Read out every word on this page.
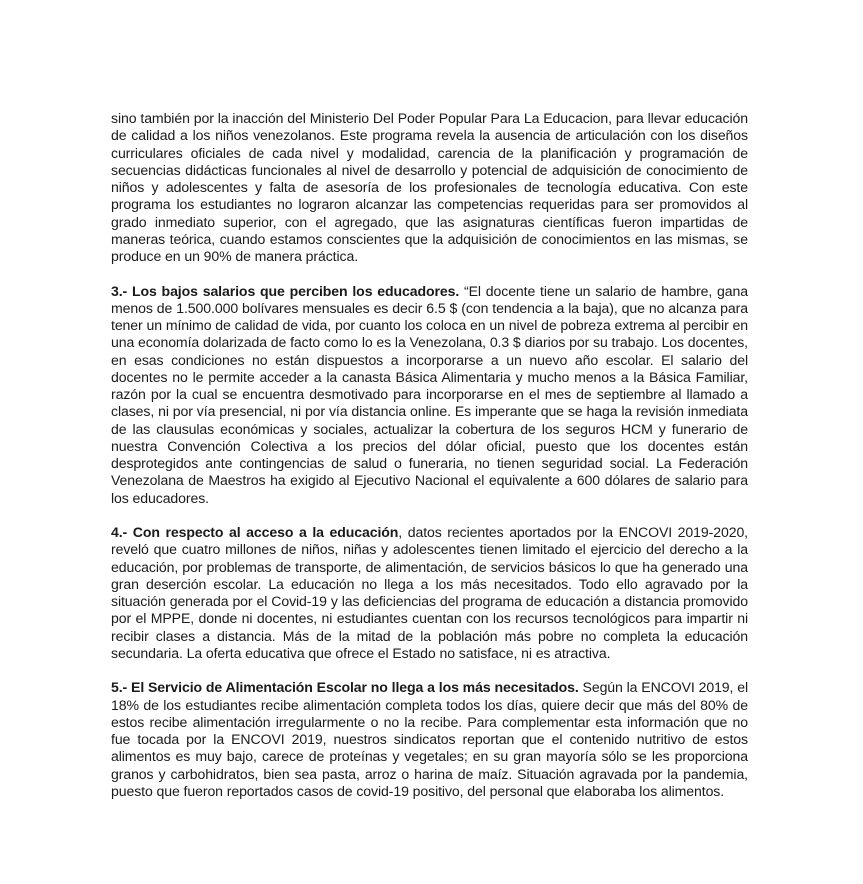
sino también por la inacción del Ministerio Del Poder Popular Para La Educacion, para llevar educación de calidad a los niños venezolanos. Este programa revela la ausencia de articulación con los diseños curriculares oficiales de cada nivel y modalidad, carencia de la planificación y programación de secuencias didácticas funcionales al nivel de desarrollo y potencial de adquisición de conocimiento de niños y adolescentes y falta de asesoría de los profesionales de tecnología educativa. Con este programa los estudiantes no lograron alcanzar las competencias requeridas para ser promovidos al grado inmediato superior, con el agregado, que las asignaturas científicas fueron impartidas de maneras teórica, cuando estamos conscientes que la adquisición de conocimientos en las mismas, se produce en un 90% de manera práctica.

3.- Los bajos salarios que perciben los educadores. “El docente tiene un salario de hambre, gana menos de 1.500.000 bolívares mensuales es decir 6.5 $ (con tendencia a la baja), que no alcanza para tener un mínimo de calidad de vida, por cuanto los coloca en un nivel de pobreza extrema al percibir en una economía dolarizada de facto como lo es la Venezolana, 0.3 $ diarios por su trabajo. Los docentes, en esas condiciones no están dispuestos a incorporarse a un nuevo año escolar. El salario del docentes no le permite acceder a la canasta Básica Alimentaria y mucho menos a la Básica Familiar, razón por la cual se encuentra desmotivado para incorporarse en el mes de septiembre al llamado a clases, ni por vía presencial, ni por vía distancia online. Es imperante que se haga la revisión inmediata de las clausulas económicas y sociales, actualizar la cobertura de los seguros HCM y funerario de nuestra Convención Colectiva a los precios del dólar oficial, puesto que los docentes están desprotegidos ante contingencias de salud o funeraria, no tienen seguridad social. La Federación Venezolana de Maestros ha exigido al Ejecutivo Nacional el equivalente a 600 dólares de salario para los educadores.

4.- Con respecto al acceso a la educación, datos recientes aportados por la ENCOVI 2019-2020, reveló que cuatro millones de niños, niñas y adolescentes tienen limitado el ejercicio del derecho a la educación, por problemas de transporte, de alimentación, de servicios básicos lo que ha generado una gran deserción escolar. La educación no llega a los más necesitados. Todo ello agravado por la situación generada por el Covid-19 y las deficiencias del programa de educación a distancia promovido por el MPPE, donde ni docentes, ni estudiantes cuentan con los recursos tecnológicos para impartir ni recibir clases a distancia. Más de la mitad de la población más pobre no completa la educación secundaria. La oferta educativa que ofrece el Estado no satisface, ni es atractiva.

5.- El Servicio de Alimentación Escolar no llega a los más necesitados. Según la ENCOVI 2019, el 18% de los estudiantes recibe alimentación completa todos los días, quiere decir que más del 80% de estos recibe alimentación irregularmente o no la recibe. Para complementar esta información que no fue tocada por la ENCOVI 2019, nuestros sindicatos reportan que el contenido nutritivo de estos alimentos es muy bajo, carece de proteínas y vegetales; en su gran mayoría sólo se les proporciona granos y carbohidratos, bien sea pasta, arroz o harina de maíz. Situación agravada por la pandemia, puesto que fueron reportados casos de covid-19 positivo, del personal que elaboraba los alimentos.
